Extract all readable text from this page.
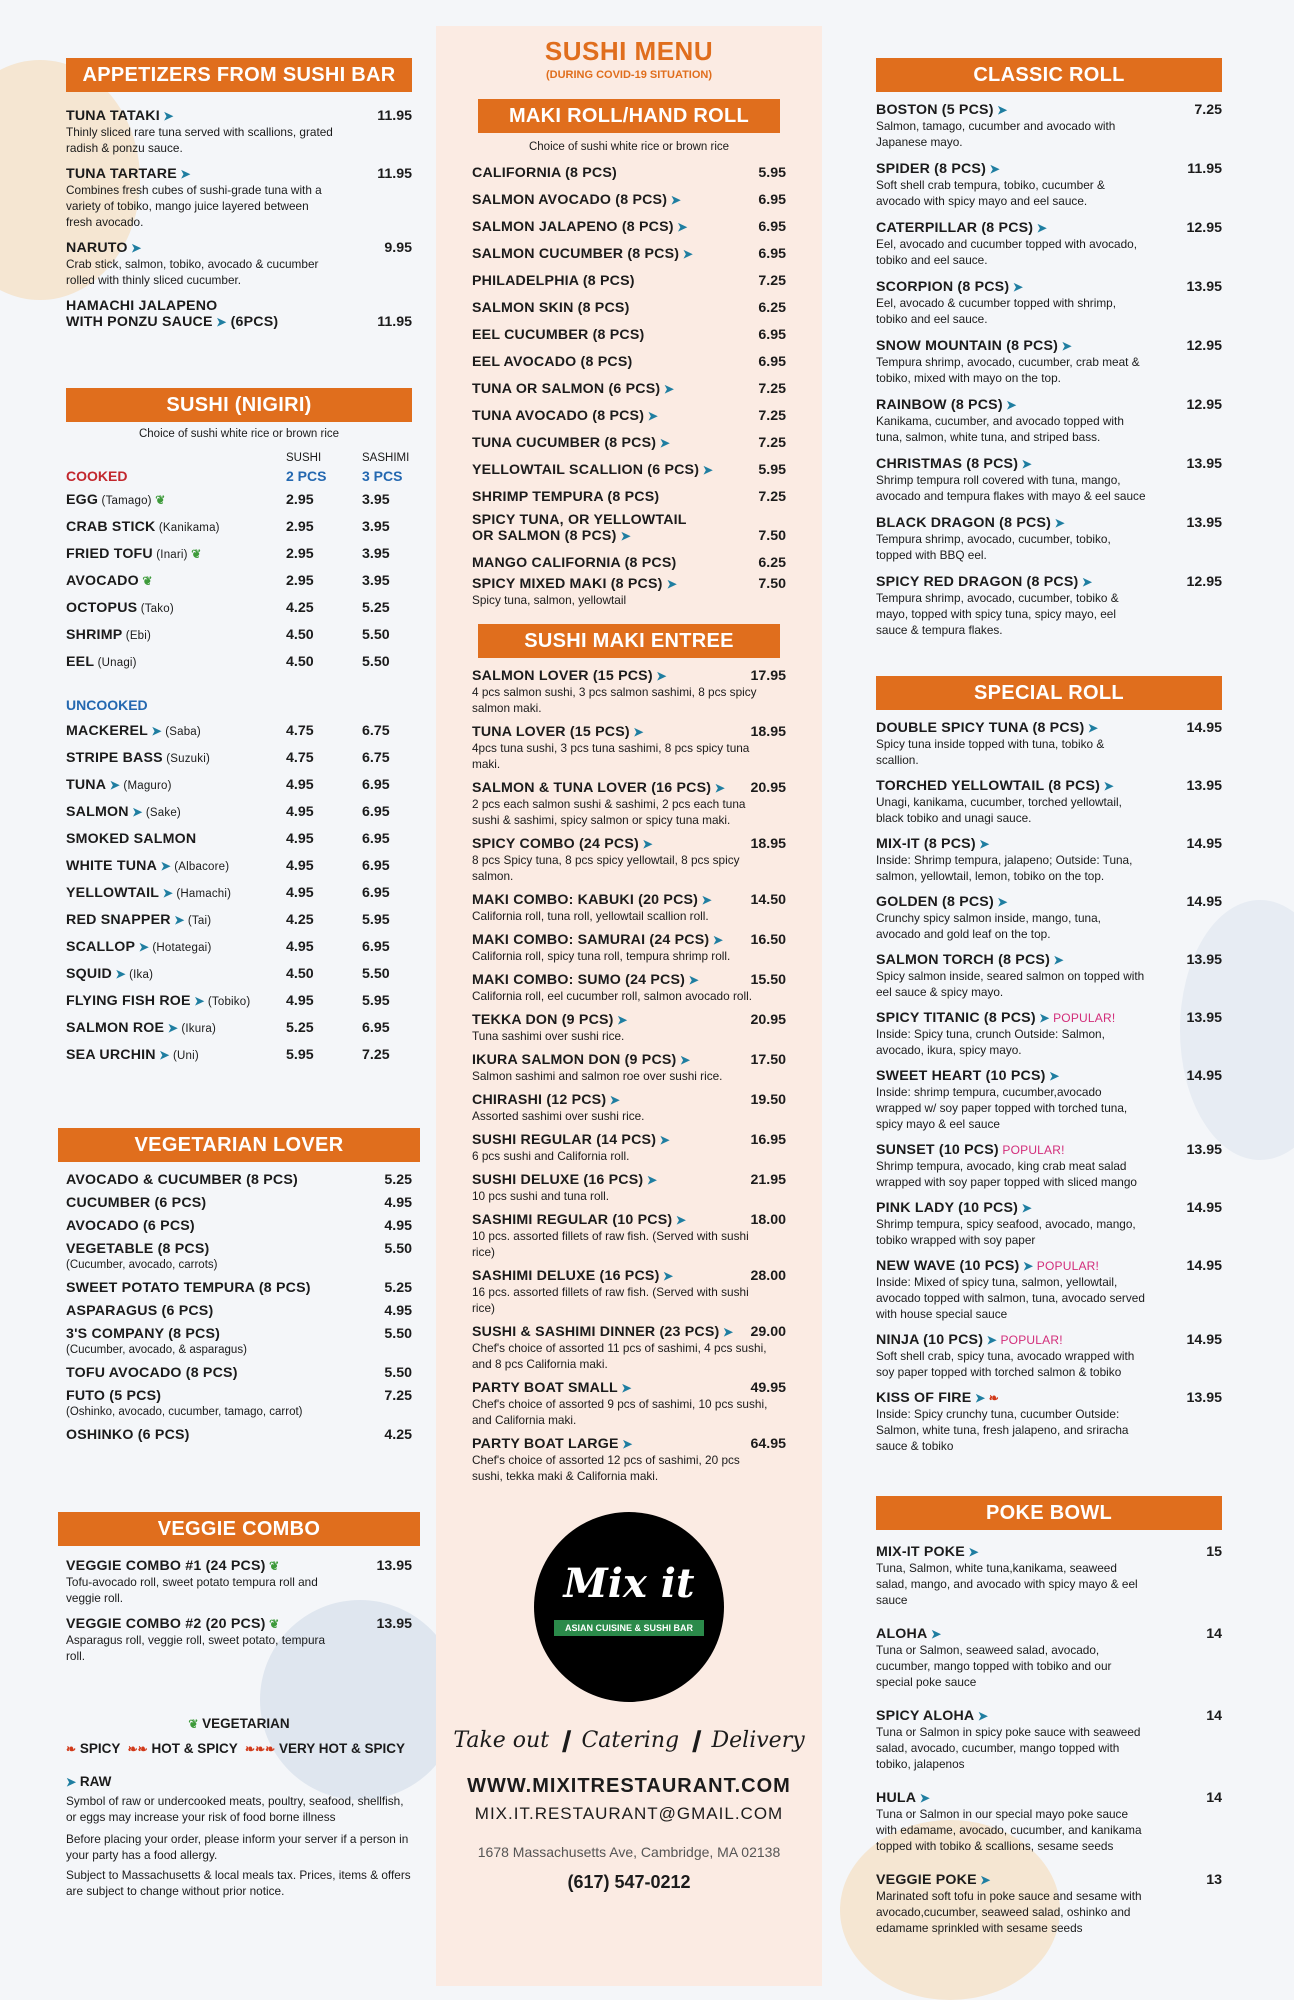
APPETIZERS FROM SUSHI BAR
TUNA TATAKI ➤	11.95
Thinly sliced rare tuna served with scallions, grated radish & ponzu sauce.
TUNA TARTARE ➤	11.95
Combines fresh cubes of sushi-grade tuna with a variety of tobiko, mango juice layered between fresh avocado.
NARUTO ➤	9.95
Crab stick, salmon, tobiko, avocado & cucumber rolled with thinly sliced cucumber.
HAMACHI JALAPENO
WITH PONZU SAUCE ➤ (6PCS)	11.95
SUSHI (NIGIRI)
Choice of sushi white rice or brown rice
SUSHI	SASHIMI
COOKED	2 PCS	3 PCS
EGG (Tamago) ❦	2.95	3.95
CRAB STICK (Kanikama)	2.95	3.95
FRIED TOFU (Inari) ❦	2.95	3.95
AVOCADO ❦	2.95	3.95
OCTOPUS (Tako)	4.25	5.25
SHRIMP (Ebi)	4.50	5.50
EEL (Unagi)	4.50	5.50
UNCOOKED
MACKEREL ➤ (Saba)	4.75	6.75
STRIPE BASS (Suzuki)	4.75	6.75
TUNA ➤ (Maguro)	4.95	6.95
SALMON ➤ (Sake)	4.95	6.95
SMOKED SALMON	4.95	6.95
WHITE TUNA ➤ (Albacore)	4.95	6.95
YELLOWTAIL ➤ (Hamachi)	4.95	6.95
RED SNAPPER ➤ (Tai)	4.25	5.95
SCALLOP ➤ (Hotategai)	4.95	6.95
SQUID ➤ (Ika)	4.50	5.50
FLYING FISH ROE ➤ (Tobiko)	4.95	5.95
SALMON ROE ➤ (Ikura)	5.25	6.95
SEA URCHIN ➤ (Uni)	5.95	7.25
VEGETARIAN LOVER
AVOCADO & CUCUMBER (8 PCS)	5.25
CUCUMBER (6 PCS)	4.95
AVOCADO (6 PCS)	4.95
VEGETABLE (8 PCS)	5.50
(Cucumber, avocado, carrots)
SWEET POTATO TEMPURA (8 PCS)	5.25
ASPARAGUS (6 PCS)	4.95
3'S COMPANY (8 PCS)	5.50
(Cucumber, avocado, & asparagus)
TOFU AVOCADO (8 PCS)	5.50
FUTO (5 PCS)	7.25
(Oshinko, avocado, cucumber, tamago, carrot)
OSHINKO (6 PCS)	4.25
VEGGIE COMBO
VEGGIE COMBO #1 (24 PCS) ❦	13.95
Tofu-avocado roll, sweet potato tempura roll and veggie roll.
VEGGIE COMBO #2 (20 PCS) ❦	13.95
Asparagus roll, veggie roll, sweet potato, tempura roll.
❦ VEGETARIAN
❧ SPICY ❧❧ HOT & SPICY ❧❧❧ VERY HOT & SPICY
➤ RAW
Symbol of raw or undercooked meats, poultry, seafood, shellfish, or eggs may increase your risk of food borne illness
Before placing your order, please inform your server if a person in your party has a food allergy.
Subject to Massachusetts & local meals tax. Prices, items & offers are subject to change without prior notice.
SUSHI MENU
(DURING COVID-19 SITUATION)
MAKI ROLL/HAND ROLL
Choice of sushi white rice or brown rice
CALIFORNIA (8 PCS)	5.95
SALMON AVOCADO (8 PCS) ➤	6.95
SALMON JALAPENO (8 PCS) ➤	6.95
SALMON CUCUMBER (8 PCS) ➤	6.95
PHILADELPHIA (8 PCS)	7.25
SALMON SKIN (8 PCS)	6.25
EEL CUCUMBER (8 PCS)	6.95
EEL AVOCADO (8 PCS)	6.95
TUNA OR SALMON (6 PCS) ➤	7.25
TUNA AVOCADO (8 PCS) ➤	7.25
TUNA CUCUMBER (8 PCS) ➤	7.25
YELLOWTAIL SCALLION (6 PCS) ➤	5.95
SHRIMP TEMPURA (8 PCS)	7.25
SPICY TUNA, OR YELLOWTAIL
OR SALMON (8 PCS) ➤	7.50
MANGO CALIFORNIA (8 PCS)	6.25
SPICY MIXED MAKI (8 PCS) ➤	7.50
Spicy tuna, salmon, yellowtail
SUSHI MAKI ENTREE
SALMON LOVER (15 PCS) ➤	17.95
4 pcs salmon sushi, 3 pcs salmon sashimi, 8 pcs spicy salmon maki.
TUNA LOVER (15 PCS) ➤	18.95
4pcs tuna sushi, 3 pcs tuna sashimi, 8 pcs spicy tuna maki.
SALMON & TUNA LOVER (16 PCS) ➤ 20.95
2 pcs each salmon sushi & sashimi, 2 pcs each tuna sushi & sashimi, spicy salmon or spicy tuna maki.
SPICY COMBO (24 PCS) ➤	18.95
8 pcs Spicy tuna, 8 pcs spicy yellowtail, 8 pcs spicy salmon.
MAKI COMBO: KABUKI (20 PCS) ➤	14.50
California roll, tuna roll, yellowtail scallion roll.
MAKI COMBO: SAMURAI (24 PCS) ➤ 16.50
California roll, spicy tuna roll, tempura shrimp roll.
MAKI COMBO: SUMO (24 PCS) ➤	15.50
California roll, eel cucumber roll, salmon avocado roll.
TEKKA DON (9 PCS) ➤	20.95
Tuna sashimi over sushi rice.
IKURA SALMON DON (9 PCS) ➤	17.50
Salmon sashimi and salmon roe over sushi rice.
CHIRASHI (12 PCS) ➤	19.50
Assorted sashimi over sushi rice.
SUSHI REGULAR (14 PCS) ➤	16.95
6 pcs sushi and California roll.
SUSHI DELUXE (16 PCS) ➤	21.95
10 pcs sushi and tuna roll.
SASHIMI REGULAR (10 PCS) ➤	18.00
10 pcs. assorted fillets of raw fish. (Served with sushi rice)
SASHIMI DELUXE (16 PCS) ➤	28.00
16 pcs. assorted fillets of raw fish. (Served with sushi rice)
SUSHI & SASHIMI DINNER (23 PCS) ➤ 29.00
Chef's choice of assorted 11 pcs of sashimi, 4 pcs sushi, and 8 pcs California maki.
PARTY BOAT SMALL ➤	49.95
Chef's choice of assorted 9 pcs of sashimi, 10 pcs sushi, and California maki.
PARTY BOAT LARGE ➤	64.95
Chef's choice of assorted 12 pcs of sashimi, 20 pcs sushi, tekka maki & California maki.
Mix it
ASIAN CUISINE & SUSHI BAR
Take out ❙ Catering ❙ Delivery
WWW.MIXITRESTAURANT.COM
MIX.IT.RESTAURANT@GMAIL.COM
1678 Massachusetts Ave, Cambridge, MA 02138
(617) 547-0212
CLASSIC ROLL
BOSTON (5 PCS) ➤	7.25
Salmon, tamago, cucumber and avocado with Japanese mayo.
SPIDER (8 PCS) ➤	11.95
Soft shell crab tempura, tobiko, cucumber & avocado with spicy mayo and eel sauce.
CATERPILLAR (8 PCS) ➤	12.95
Eel, avocado and cucumber topped with avocado, tobiko and eel sauce.
SCORPION (8 PCS) ➤	13.95
Eel, avocado & cucumber topped with shrimp, tobiko and eel sauce.
SNOW MOUNTAIN (8 PCS) ➤	12.95
Tempura shrimp, avocado, cucumber, crab meat & tobiko, mixed with mayo on the top.
RAINBOW (8 PCS) ➤	12.95
Kanikama, cucumber, and avocado topped with tuna, salmon, white tuna, and striped bass.
CHRISTMAS (8 PCS) ➤	13.95
Shrimp tempura roll covered with tuna, mango, avocado and tempura flakes with mayo & eel sauce
BLACK DRAGON (8 PCS) ➤	13.95
Tempura shrimp, avocado, cucumber, tobiko, topped with BBQ eel.
SPICY RED DRAGON (8 PCS) ➤	12.95
Tempura shrimp, avocado, cucumber, tobiko & mayo, topped with spicy tuna, spicy mayo, eel sauce & tempura flakes.
SPECIAL ROLL
DOUBLE SPICY TUNA (8 PCS) ➤	14.95
Spicy tuna inside topped with tuna, tobiko & scallion.
TORCHED YELLOWTAIL (8 PCS) ➤	13.95
Unagi, kanikama, cucumber, torched yellowtail, black tobiko and unagi sauce.
MIX-IT (8 PCS) ➤	14.95
Inside: Shrimp tempura, jalapeno; Outside: Tuna, salmon, yellowtail, lemon, tobiko on the top.
GOLDEN (8 PCS) ➤	14.95
Crunchy spicy salmon inside, mango, tuna, avocado and gold leaf on the top.
SALMON TORCH (8 PCS) ➤	13.95
Spicy salmon inside, seared salmon on topped with eel sauce & spicy mayo.
SPICY TITANIC (8 PCS) ➤ POPULAR!	13.95
Inside: Spicy tuna, crunch Outside: Salmon, avocado, ikura, spicy mayo.
SWEET HEART (10 PCS) ➤	14.95
Inside: shrimp tempura, cucumber,avocado wrapped w/ soy paper topped with torched tuna, spicy mayo & eel sauce
SUNSET (10 PCS) POPULAR!	13.95
Shrimp tempura, avocado, king crab meat salad wrapped with soy paper topped with sliced mango
PINK LADY (10 PCS) ➤	14.95
Shrimp tempura, spicy seafood, avocado, mango, tobiko wrapped with soy paper
NEW WAVE (10 PCS) ➤ POPULAR!	14.95
Inside: Mixed of spicy tuna, salmon, yellowtail, avocado topped with salmon, tuna, avocado served with house special sauce
NINJA (10 PCS) ➤ POPULAR!	14.95
Soft shell crab, spicy tuna, avocado wrapped with soy paper topped with torched salmon & tobiko
KISS OF FIRE ➤ ❧	13.95
Inside: Spicy crunchy tuna, cucumber Outside: Salmon, white tuna, fresh jalapeno, and sriracha sauce & tobiko
POKE BOWL
MIX-IT POKE ➤	15
Tuna, Salmon, white tuna,kanikama, seaweed salad, mango, and avocado with spicy mayo & eel sauce
ALOHA ➤	14
Tuna or Salmon, seaweed salad, avocado, cucumber, mango topped with tobiko and our special poke sauce
SPICY ALOHA ➤	14
Tuna or Salmon in spicy poke sauce with seaweed salad, avocado, cucumber, mango topped with tobiko, jalapenos
HULA ➤	14
Tuna or Salmon in our special mayo poke sauce with edamame, avocado, cucumber, and kanikama topped with tobiko & scallions, sesame seeds
VEGGIE POKE ➤	13
Marinated soft tofu in poke sauce and sesame with avocado,cucumber, seaweed salad, oshinko and edamame sprinkled with sesame seeds
